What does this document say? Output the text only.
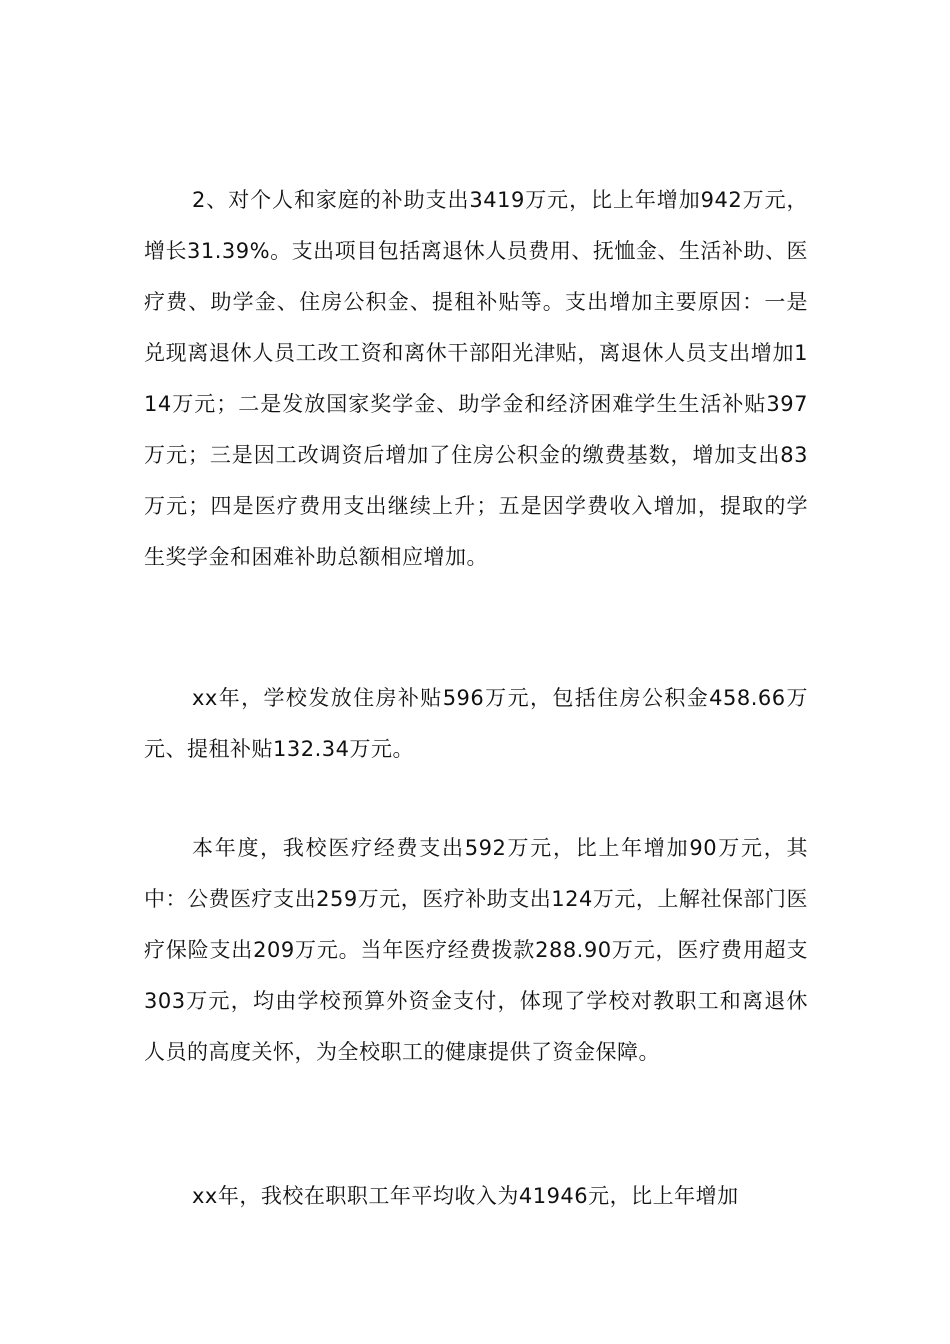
2、对个人和家庭的补助支出3419万元，比上年增加942万元，增长31.39%。支出项目包括离退休人员费用、抚恤金、生活补助、医疗费、助学金、住房公积金、提租补贴等。支出增加主要原因：一是兑现离退休人员工改工资和离休干部阳光津贴，离退休人员支出增加114万元；二是发放国家奖学金、助学金和经济困难学生生活补贴397万元；三是因工改调资后增加了住房公积金的缴费基数，增加支出83万元；四是医疗费用支出继续上升；五是因学费收入增加，提取的学生奖学金和困难补助总额相应增加。

xx年，学校发放住房补贴596万元，包括住房公积金458.66万元、提租补贴132.34万元。

本年度，我校医疗经费支出592万元，比上年增加90万元，其中：公费医疗支出259万元，医疗补助支出124万元，上解社保部门医疗保险支出209万元。当年医疗经费拨款288.90万元，医疗费用超支303万元，均由学校预算外资金支付，体现了学校对教职工和离退休人员的高度关怀，为全校职工的健康提供了资金保障。

xx年，我校在职职工年平均收入为41946元，比上年增加
